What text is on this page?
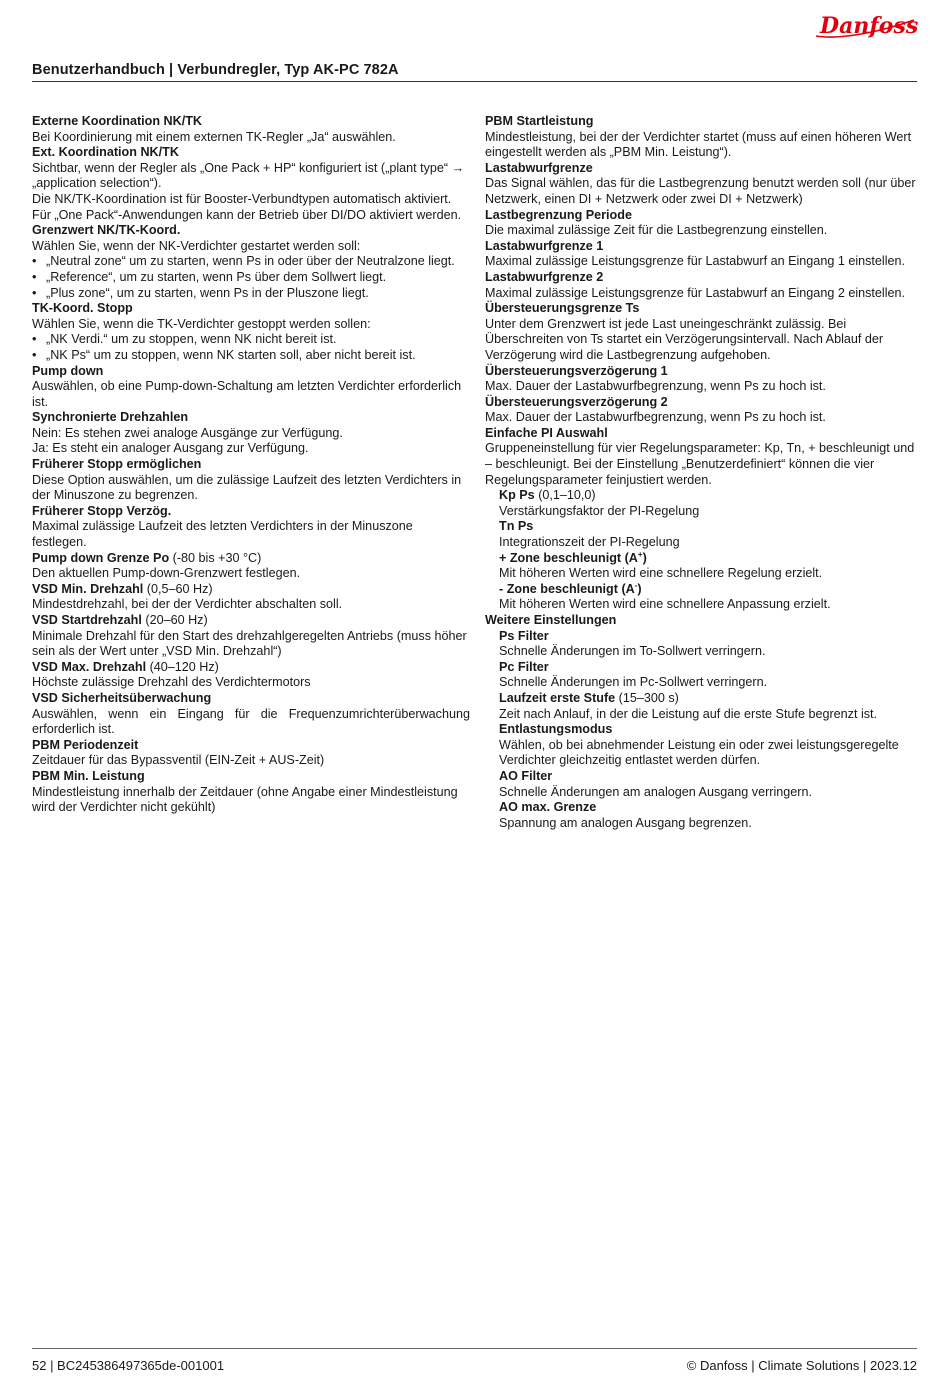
Danfoss
Benutzerhandbuch | Verbundregler, Typ AK-PC 782A
Externe Koordination NK/TK
Bei Koordinierung mit einem externen TK-Regler „Ja“ auswählen.
Ext. Koordination NK/TK
Sichtbar, wenn der Regler als „One Pack + HP“ konfiguriert ist („plant type“ → „application selection“).
Die NK/TK-Koordination ist für Booster-Verbundtypen automatisch aktiviert. Für „One Pack“-Anwendungen kann der Betrieb über DI/DO aktiviert werden.
Grenzwert NK/TK-Koord.
Wählen Sie, wenn der NK-Verdichter gestartet werden soll:
• „Neutral zone“ um zu starten, wenn Ps in oder über der Neutralzone liegt.
• „Reference“, um zu starten, wenn Ps über dem Sollwert liegt.
• „Plus zone“, um zu starten, wenn Ps in der Pluszone liegt.
TK-Koord. Stopp
Wählen Sie, wenn die TK-Verdichter gestoppt werden sollen:
• „NK Verdi.“ um zu stoppen, wenn NK nicht bereit ist.
• „NK Ps“ um zu stoppen, wenn NK starten soll, aber nicht bereit ist.
Pump down
Auswählen, ob eine Pump-down-Schaltung am letzten Verdichter erforderlich ist.
Synchronierte Drehzahlen
Nein: Es stehen zwei analoge Ausgänge zur Verfügung.
Ja: Es steht ein analoger Ausgang zur Verfügung.
Früherer Stopp ermöglichen
Diese Option auswählen, um die zulässige Laufzeit des letzten Verdichters in der Minuszone zu begrenzen.
Früherer Stopp Verzög.
Maximal zulässige Laufzeit des letzten Verdichters in der Minuszone festlegen.
Pump down Grenze Po (-80 bis +30 °C)
Den aktuellen Pump-down-Grenzwert festlegen.
VSD Min. Drehzahl (0,5–60 Hz)
Mindestdrehzahl, bei der der Verdichter abschalten soll.
VSD Startdrehzahl (20–60 Hz)
Minimale Drehzahl für den Start des drehzahlgeregelten Antriebs (muss höher sein als der Wert unter „VSD Min. Drehzahl“)
VSD Max. Drehzahl (40–120 Hz)
Höchste zulässige Drehzahl des Verdichtermotors
VSD Sicherheitsüberwachung
Auswählen, wenn ein Eingang für die Frequenzumrichterüberwachung erforderlich ist.
PBM Periodenzeit
Zeitdauer für das Bypassventil (EIN-Zeit + AUS-Zeit)
PBM Min. Leistung
Mindestleistung innerhalb der Zeitdauer (ohne Angabe einer Mindestleistung wird der Verdichter nicht gekühlt)
PBM Startleistung
Mindestleistung, bei der der Verdichter startet (muss auf einen höheren Wert eingestellt werden als „PBM Min. Leistung“).
Lastabwurfgrenze
Das Signal wählen, das für die Lastbegrenzung benutzt werden soll (nur über Netzwerk, einen DI + Netzwerk oder zwei DI + Netzwerk)
Lastbegrenzung Periode
Die maximal zulässige Zeit für die Lastbegrenzung einstellen.
Lastabwurfgrenze 1
Maximal zulässige Leistungsgrenze für Lastabwurf an Eingang 1 einstellen.
Lastabwurfgrenze 2
Maximal zulässige Leistungsgrenze für Lastabwurf an Eingang 2 einstellen.
Übersteuerungsgrenze Ts
Unter dem Grenzwert ist jede Last uneingeschränkt zulässig. Bei Überschreiten von Ts startet ein Verzögerungsintervall. Nach Ablauf der Verzögerung wird die Lastbegrenzung aufgehoben.
Übersteuerungsverzögerung 1
Max. Dauer der Lastabwurfbegrenzung, wenn Ps zu hoch ist.
Übersteuerungsverzögerung 2
Max. Dauer der Lastabwurfbegrenzung, wenn Ps zu hoch ist.
Einfache PI Auswahl
Gruppeneinstellung für vier Regelungsparameter: Kp, Tn, + beschleunigt und – beschleunigt. Bei der Einstellung „Benutzerdefiniert“ können die vier Regelungsparameter feinjustiert werden.
Kp Ps (0,1–10,0)
Verstärkungsfaktor der PI-Regelung
Tn Ps
Integrationszeit der PI-Regelung
+ Zone beschleunigt (A+)
Mit höheren Werten wird eine schnellere Regelung erzielt.
- Zone beschleunigt (A-)
Mit höheren Werten wird eine schnellere Anpassung erzielt.
Weitere Einstellungen
Ps Filter
Schnelle Änderungen im To-Sollwert verringern.
Pc Filter
Schnelle Änderungen im Pc-Sollwert verringern.
Laufzeit erste Stufe (15–300 s)
Zeit nach Anlauf, in der die Leistung auf die erste Stufe begrenzt ist.
Entlastungsmodus
Wählen, ob bei abnehmender Leistung ein oder zwei leistungsgeregelte Verdichter gleichzeitig entlastet werden dürfen.
AO Filter
Schnelle Änderungen am analogen Ausgang verringern.
AO max. Grenze
Spannung am analogen Ausgang begrenzen.
52 | BC245386497365de-001001	© Danfoss | Climate Solutions | 2023.12
